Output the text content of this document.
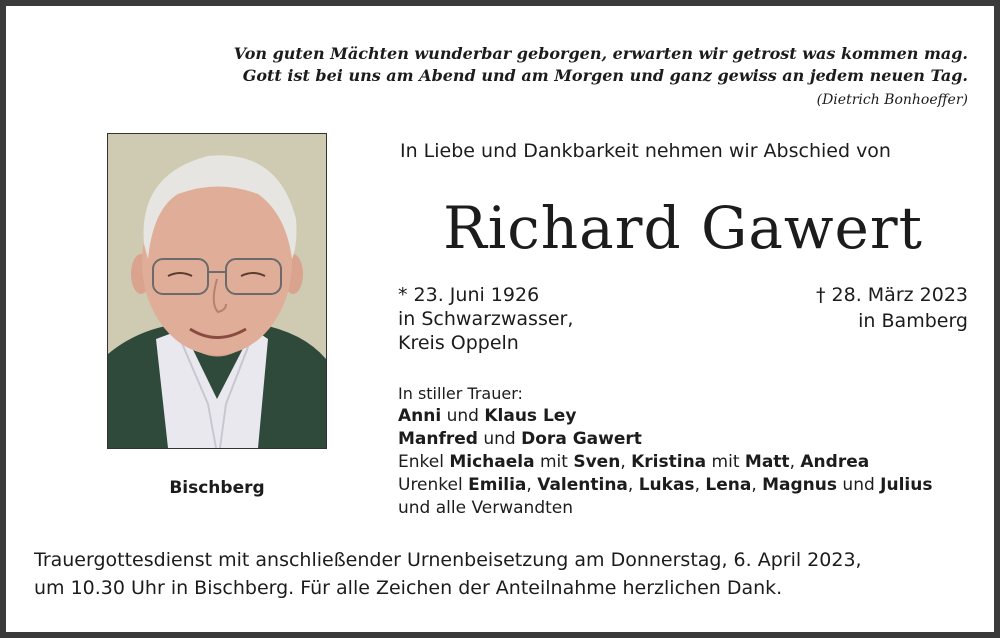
Von guten Mächten wunderbar geborgen, erwarten wir getrost was kommen mag.
Gott ist bei uns am Abend und am Morgen und ganz gewiss an jedem neuen Tag.
(Dietrich Bonhoeffer)
Bischberg
In Liebe und Dankbarkeit nehmen wir Abschied von
Richard Gawert
* 23. Juni 1926
in Schwarzwasser,
Kreis Oppeln
† 28. März 2023
in Bamberg
In stiller Trauer:
Anni und Klaus Ley
Manfred und Dora Gawert
Enkel Michaela mit Sven, Kristina mit Matt, Andrea
Urenkel Emilia, Valentina, Lukas, Lena, Magnus und Julius
und alle Verwandten
Trauergottesdienst mit anschließender Urnenbeisetzung am Donnerstag, 6. April 2023,
um 10.30 Uhr in Bischberg. Für alle Zeichen der Anteilnahme herzlichen Dank.
